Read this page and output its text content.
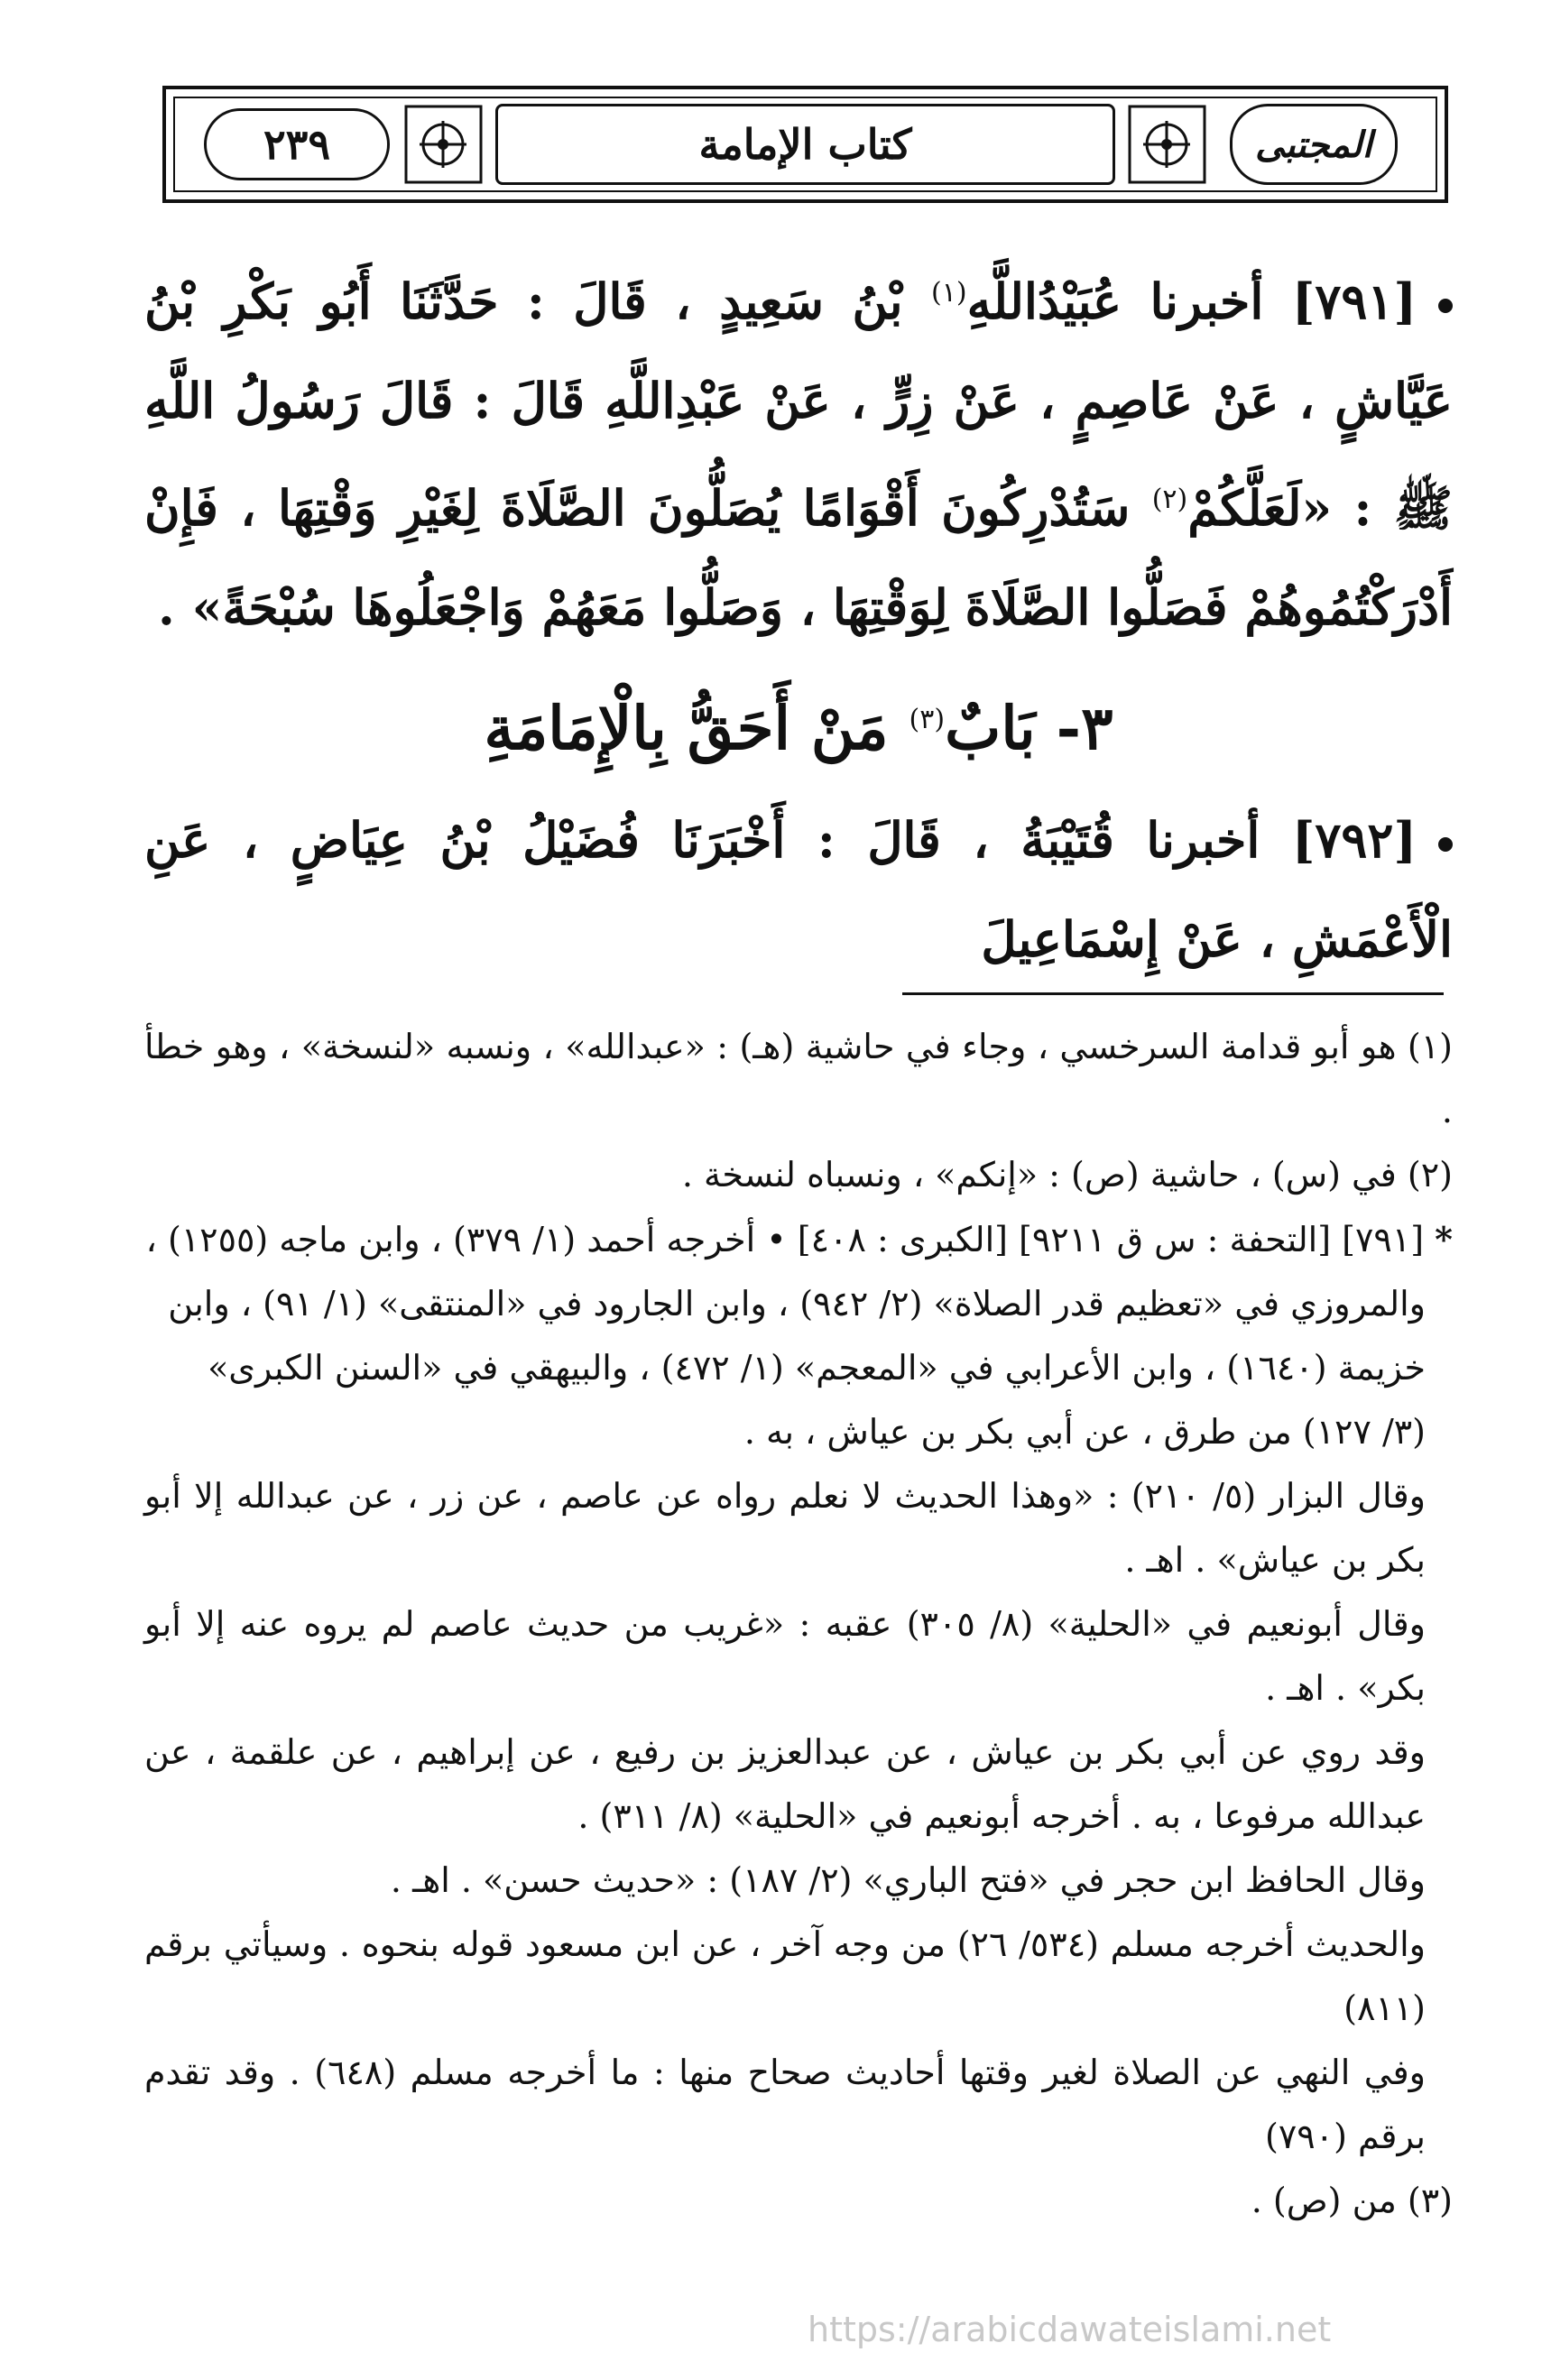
٢٣٩	كتاب الإمامة	المجتبى

[٧٩١] أخبرنا عُبَيْدُاللَّهِ$^{(١)}$ بْنُ سَعِيدٍ ، قَالَ : حَدَّثَنَا أَبُو بَكْرِ بْنُ عَيَّاشٍ ، عَنْ عَاصِمٍ ، عَنْ زِرٍّ ، عَنْ عَبْدِاللَّهِ قَالَ : قَالَ رَسُولُ اللَّهِ ﷺ : «لَعَلَّكُمْ$^{(٢)}$ سَتُدْرِكُونَ أَقْوَامًا يُصَلُّونَ الصَّلَاةَ لِغَيْرِ وَقْتِهَا ، فَإِنْ أَدْرَكْتُمُوهُمْ فَصَلُّوا الصَّلَاةَ لِوَقْتِهَا ، وَصَلُّوا مَعَهُمْ وَاجْعَلُوهَا سُبْحَةً» .

٣- بَابٌ$^{(٣)}$ مَنْ أَحَقُّ بِالْإِمَامَةِ

[٧٩٢] أخبرنا قُتَيْبَةُ ، قَالَ : أَخْبَرَنَا فُضَيْلُ بْنُ عِيَاضٍ ، عَنِ الْأَعْمَشِ ، عَنْ إِسْمَاعِيلَ

(١) هو أبو قدامة السرخسي ، وجاء في حاشية (هـ) : «عبدالله» ، ونسبه «لنسخة» ، وهو خطأ .

(٢) في (س) ، حاشية (ص) : «إنكم» ، ونسباه لنسخة .

* [٧٩١] [التحفة : س ق ٩٢١١] [الكبرى : ٤٠٨] • أخرجه أحمد (١/ ٣٧٩) ، وابن ماجه (١٢٥٥) ،

والمروزي في «تعظيم قدر الصلاة» (٢/ ٩٤٢) ، وابن الجارود في «المنتقى» (١/ ٩١) ، وابن

خزيمة (١٦٤٠) ، وابن الأعرابي في «المعجم» (١/ ٤٧٢) ، والبيهقي في «السنن الكبرى»

(٣/ ١٢٧) من طرق ، عن أبي بكر بن عياش ، به .

وقال البزار (٥/ ٢١٠) : «وهذا الحديث لا نعلم رواه عن عاصم ، عن زر ، عن عبدالله إلا أبو بكر بن عياش» . اهـ .

وقال أبونعيم في «الحلية» (٨/ ٣٠٥) عقبه : «غريب من حديث عاصم لم يروه عنه إلا أبو بكر» . اهـ .

وقد روي عن أبي بكر بن عياش ، عن عبدالعزيز بن رفيع ، عن إبراهيم ، عن علقمة ، عن عبدالله مرفوعا ، به . أخرجه أبونعيم في «الحلية» (٨/ ٣١١) .

وقال الحافظ ابن حجر في «فتح الباري» (٢/ ١٨٧) : «حديث حسن» . اهـ .

والحديث أخرجه مسلم (٥٣٤/ ٢٦) من وجه آخر ، عن ابن مسعود قوله بنحوه . وسيأتي برقم (٨١١)

وفي النهي عن الصلاة لغير وقتها أحاديث صحاح منها : ما أخرجه مسلم (٦٤٨) . وقد تقدم برقم (٧٩٠)

(٣) من (ص) .

https://arabicdawateislami.net
